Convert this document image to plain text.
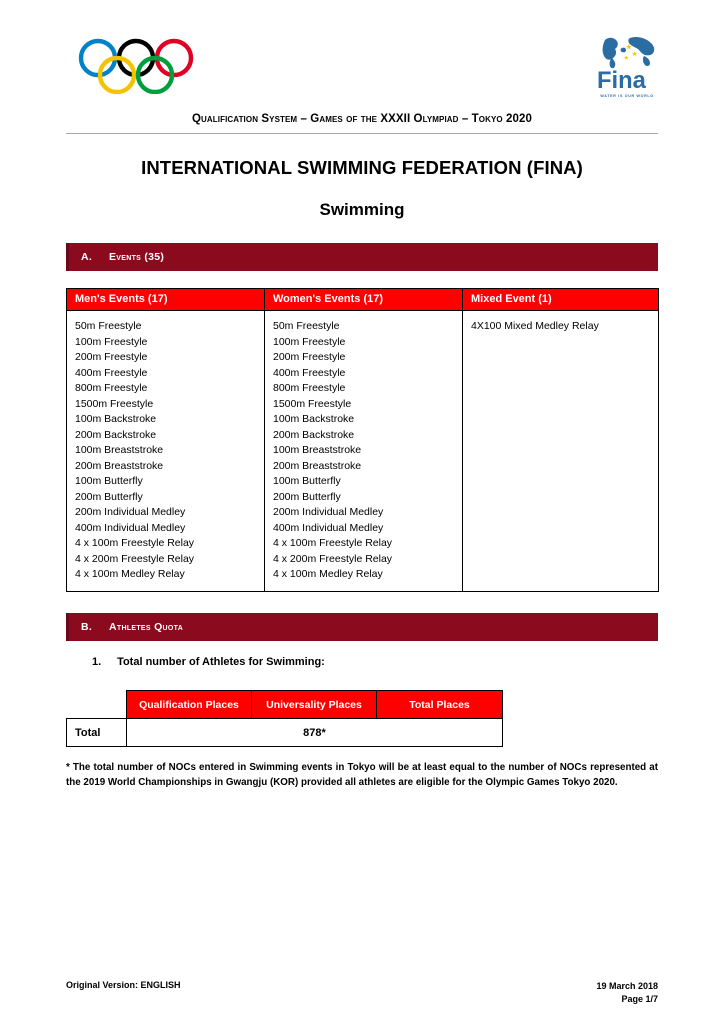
Fina
WATER IS OUR WORLD
Qualification System – Games of the XXXII Olympiad – Tokyo 2020
INTERNATIONAL SWIMMING FEDERATION (FINA)
Swimming
A.	Events (35)
Men's Events (17)	Women's Events (17)	Mixed Event (1)

50m Freestyle
100m Freestyle
200m Freestyle
400m Freestyle
800m Freestyle
1500m Freestyle
100m Backstroke
200m Backstroke
100m Breaststroke
200m Breaststroke
100m Butterfly
200m Butterfly
200m Individual Medley
400m Individual Medley
4 x 100m Freestyle Relay
4 x 200m Freestyle Relay
4 x 100m Medley Relay

50m Freestyle
100m Freestyle
200m Freestyle
400m Freestyle
800m Freestyle
1500m Freestyle
100m Backstroke
200m Backstroke
100m Breaststroke
200m Breaststroke
100m Butterfly
200m Butterfly
200m Individual Medley
400m Individual Medley
4 x 100m Freestyle Relay
4 x 200m Freestyle Relay
4 x 100m Medley Relay

4X100 Mixed Medley Relay
B.	Athletes Quota
1. Total number of Athletes for Swimming:
	Qualification Places	Universality Places	Total Places
Total	878*		
* The total number of NOCs entered in Swimming events in Tokyo will be at least equal to the number of NOCs represented at the 2019 World Championships in Gwangju (KOR) provided all athletes are eligible for the Olympic Games Tokyo 2020.
Original Version: ENGLISH	19 March 2018
Page 1/7
